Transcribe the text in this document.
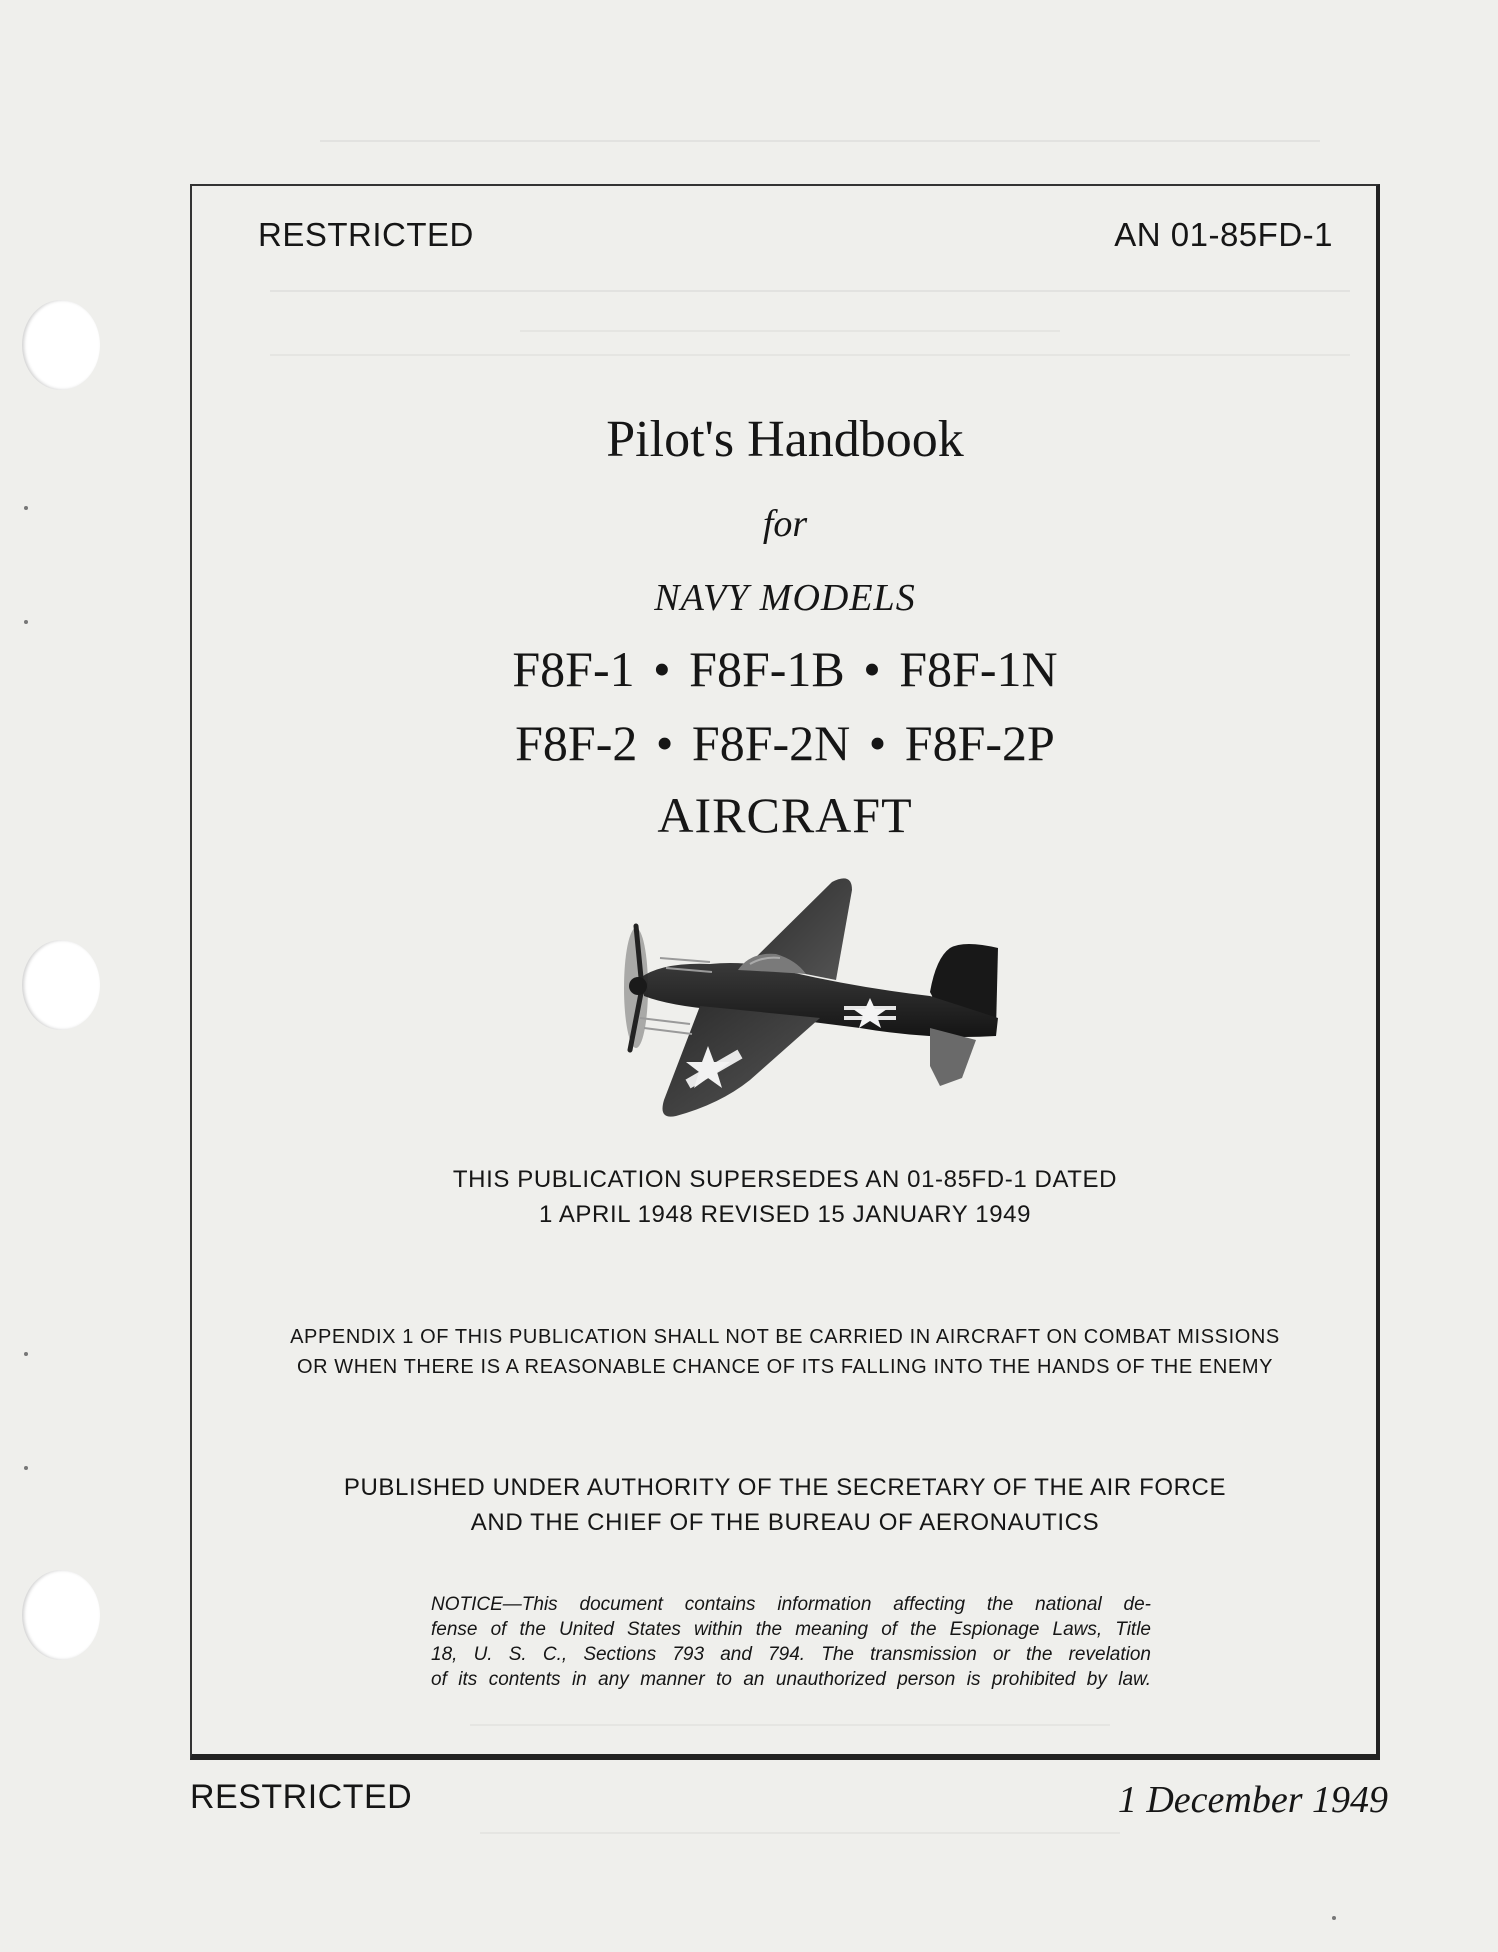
RESTRICTED	AN 01-85FD-1
Pilot's Handbook
for
NAVY MODELS
F8F-1 • F8F-1B • F8F-1N
F8F-2 • F8F-2N • F8F-2P
AIRCRAFT
THIS PUBLICATION SUPERSEDES AN 01-85FD-1 DATED
1 APRIL 1948 REVISED 15 JANUARY 1949
APPENDIX 1 OF THIS PUBLICATION SHALL NOT BE CARRIED IN AIRCRAFT ON COMBAT MISSIONS
OR WHEN THERE IS A REASONABLE CHANCE OF ITS FALLING INTO THE HANDS OF THE ENEMY
PUBLISHED UNDER AUTHORITY OF THE SECRETARY OF THE AIR FORCE
AND THE CHIEF OF THE BUREAU OF AERONAUTICS
NOTICE—This document contains information affecting the national de-
fense of the United States within the meaning of the Espionage Laws, Title
18, U. S. C., Sections 793 and 794. The transmission or the revelation
of its contents in any manner to an unauthorized person is prohibited by law.
RESTRICTED	1 December 1949
